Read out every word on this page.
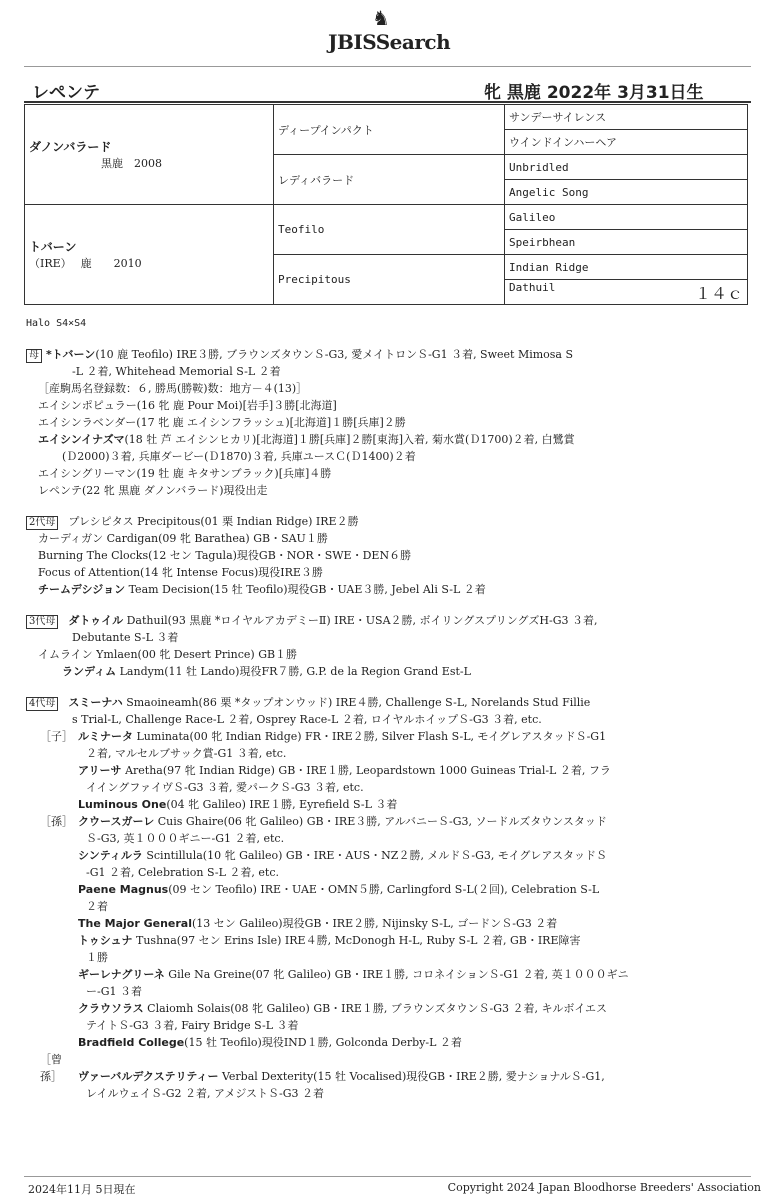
♞
JBISSearch
レペンテ	牝 黒鹿 2022年 3月31日生
ダノンバラード
黒鹿　2008	ディープインパクト	サンデーサイレンス
		ウインドインハーヘア
	レディバラード	Unbridled
		Angelic Song

トバーン
（IRE）　 鹿　　2010	Teofilo	Galileo
		Speirbhean
	Precipitous	Indian Ridge
		Dathuil １４ｃ
Halo S4×S4

母 *トバーン(10 鹿 Teofilo) IRE３勝, ブラウンズタウンＳ-G3, 愛メイトロンＳ-G1 ３着, Sweet Mimosa S

-L ２着, Whitehead Memorial S-L ２着

［産駒馬名登録数：６, 勝馬(勝鞍)数：地方－４(13)］

エイシンポピュラー(16 牝 鹿 Pour Moi)[岩手]３勝[北海道]

エイシンラベンダー(17 牝 鹿 エイシンフラッシュ)[北海道]１勝[兵庫]２勝

エイシンイナズマ(18 牡 芦 エイシンヒカリ)[北海道]１勝[兵庫]２勝[東海]入着, 菊水賞(Ｄ1700)２着, 白鷺賞

(Ｄ2000)３着, 兵庫ダービー(Ｄ1870)３着, 兵庫ユースＣ(Ｄ1400)２着

エイシングリーマン(19 牡 鹿 キタサンブラック)[兵庫]４勝

レペンテ(22 牝 黒鹿 ダノンバラード)現役出走

2代母 プレシピタス Precipitous(01 栗 Indian Ridge) IRE２勝

カーディガン Cardigan(09 牝 Barathea) GB・SAU１勝

Burning The Clocks(12 セン Tagula)現役GB・NOR・SWE・DEN６勝

Focus of Attention(14 牝 Intense Focus)現役IRE３勝

チームデシジョン Team Decision(15 牡 Teofilo)現役GB・UAE３勝, Jebel Ali S-L ２着

3代母 ダトゥイル Dathuil(93 黒鹿 *ロイヤルアカデミーⅡ) IRE・USA２勝, ボイリングスプリングズH-G3 ３着,

Debutante S-L ３着

イムライン Ymlaen(00 牝 Desert Prince) GB１勝

ランディム Landym(11 牡 Lando)現役FR７勝, G.P. de la Region Grand Est-L

4代母 スミーナハ Smaoineamh(86 栗 *タップオンウッド) IRE４勝, Challenge S-L, Norelands Stud Fillie

s Trial-L, Challenge Race-L ２着, Osprey Race-L ２着, ロイヤルホイップＳ-G3 ３着, etc.

［子］ ルミナータ Luminata(00 牝 Indian Ridge) FR・IRE２勝, Silver Flash S-L, モイグレアスタッドＳ-G1

２着, マルセルブサック賞-G1 ３着, etc.

アリーサ Aretha(97 牝 Indian Ridge) GB・IRE１勝, Leopardstown 1000 Guineas Trial-L ２着, フラ

イイングファイヴＳ-G3 ３着, 愛パークＳ-G3 ３着, etc.

Luminous One(04 牝 Galileo) IRE１勝, Eyrefield S-L ３着

［孫］ クウースガーレ Cuis Ghaire(06 牝 Galileo) GB・IRE３勝, アルバニーＳ-G3, ソードルズタウンスタッド

Ｓ-G3, 英１０００ギニー-G1 ２着, etc.

シンティルラ Scintillula(10 牝 Galileo) GB・IRE・AUS・NZ２勝, メルドＳ-G3, モイグレアスタッドＳ

-G1 ２着, Celebration S-L ２着, etc.

Paene Magnus(09 セン Teofilo) IRE・UAE・OMN５勝, Carlingford S-L(２回), Celebration S-L

２着

The Major General(13 セン Galileo)現役GB・IRE２勝, Nijinsky S-L, ゴードンＳ-G3 ２着

トゥシュナ Tushna(97 セン Erins Isle) IRE４勝, McDonogh H-L, Ruby S-L ２着, GB・IRE障害

１勝

ギーレナグリーネ Gile Na Greine(07 牝 Galileo) GB・IRE１勝, コロネイションＳ-G1 ２着, 英１０００ギニ

ー-G1 ３着

クラウソラス Claiomh Solais(08 牝 Galileo) GB・IRE１勝, ブラウンズタウンＳ-G3 ２着, キルボイエス

テイトＳ-G3 ３着, Fairy Bridge S-L ３着

Bradfield College(15 牡 Teofilo)現役IND１勝, Golconda Derby-L ２着

［曾孫］ ヴァーバルデクステリティー Verbal Dexterity(15 牡 Vocalised)現役GB・IRE２勝, 愛ナショナルＳ-G1,

レイルウェイＳ-G2 ２着, アメジストＳ-G3 ２着

2024年11月 5日現在	Copyright 2024 Japan Bloodhorse Breeders' Association
